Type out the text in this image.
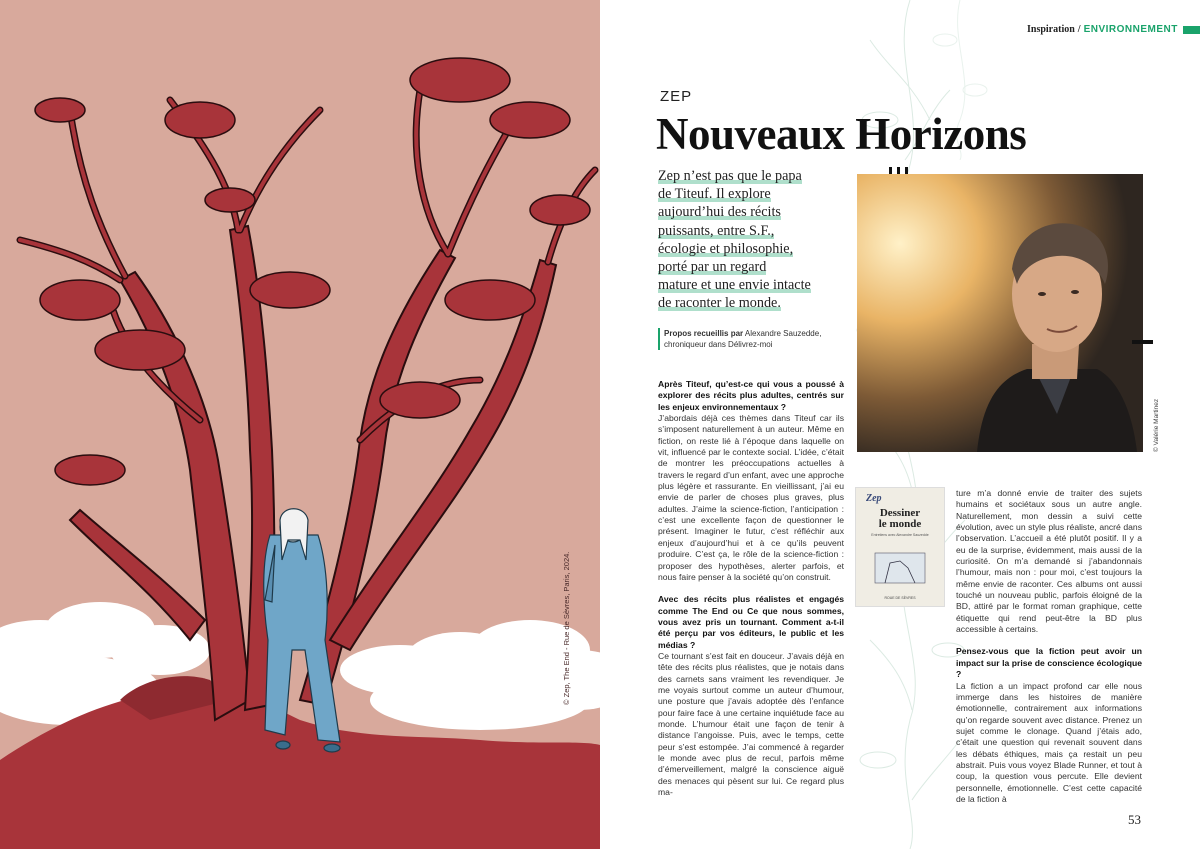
© Zep, The End - Rue de Sèvres, Paris, 2024.
Inspiration / ENVIRONNEMENT
ZEP
Nouveaux Horizons
Zep n’est pas que le papa
de Titeuf. Il explore
aujourd’hui des récits
puissants, entre S.F.,
écologie et philosophie,
porté par un regard
mature et une envie intacte
de raconter le monde.

Propos recueillis par Alexandre Sauzedde,
chroniqueur dans Délivrez-moi
© Valérie Martinez

Après Titeuf, qu’est-ce qui vous a poussé à explorer des récits plus adultes, centrés sur les enjeux environnementaux ?

J’abordais déjà ces thèmes dans Titeuf car ils s’imposent naturellement à un auteur. Même en fiction, on reste lié à l’époque dans laquelle on vit, influencé par le contexte social. L’idée, c’était de montrer les préoccupations actuelles à travers le regard d’un enfant, avec une approche plus légère et rassurante. En vieillissant, j’ai eu envie de parler de choses plus graves, plus adultes. J’aime la science-fiction, l’anticipation : c’est une excellente façon de questionner le présent. Imaginer le futur, c’est réfléchir aux enjeux d’aujourd’hui et à ce qu’ils peuvent produire. C’est ça, le rôle de la science-fiction : proposer des hypothèses, alerter parfois, et nous faire penser à la société qu’on construit.

Avec des récits plus réalistes et engagés comme The End ou Ce que nous sommes, vous avez pris un tournant. Comment a-t-il été perçu par vos éditeurs, le public et les médias ?

Ce tournant s’est fait en douceur. J’avais déjà en tête des récits plus réalistes, que je notais dans des carnets sans vraiment les revendiquer. Je me voyais surtout comme un auteur d’humour, une posture que j’avais adoptée dès l’enfance pour faire face à une certaine inquiétude face au monde. L’humour était une façon de tenir à distance l’angoisse. Puis, avec le temps, cette peur s’est estompée. J’ai commencé à regarder le monde avec plus de recul, parfois même d’émerveillement, malgré la conscience aiguë des menaces qui pèsent sur lui. Ce regard plus ma-

Zep
Dessiner
le monde
Entretiens avec Alexandre Sauzedde
ROUE DE SÈVRES

ture m’a donné envie de traiter des sujets humains et sociétaux sous un autre angle. Naturellement, mon dessin a suivi cette évolution, avec un style plus réaliste, ancré dans l’observation. L’accueil a été plutôt positif. Il y a eu de la surprise, évidemment, mais aussi de la curiosité. On m’a demandé si j’abandonnais l’humour, mais non : pour moi, c’est toujours la même envie de raconter. Ces albums ont aussi touché un nouveau public, parfois éloigné de la BD, attiré par le format roman graphique, cette étiquette qui rend peut-être la BD plus accessible à certains.

Pensez-vous que la fiction peut avoir un impact sur la prise de conscience écologique ?

La fiction a un impact profond car elle nous immerge dans les histoires de manière émotionnelle, contrairement aux informations qu’on regarde souvent avec distance. Prenez un sujet comme le clonage. Quand j’étais ado, c’était une question qui revenait souvent dans les débats éthiques, mais ça restait un peu abstrait. Puis vous voyez Blade Runner, et tout à coup, la question vous percute. Elle devient personnelle, émotionnelle. C’est cette capacité de la fiction à

53
